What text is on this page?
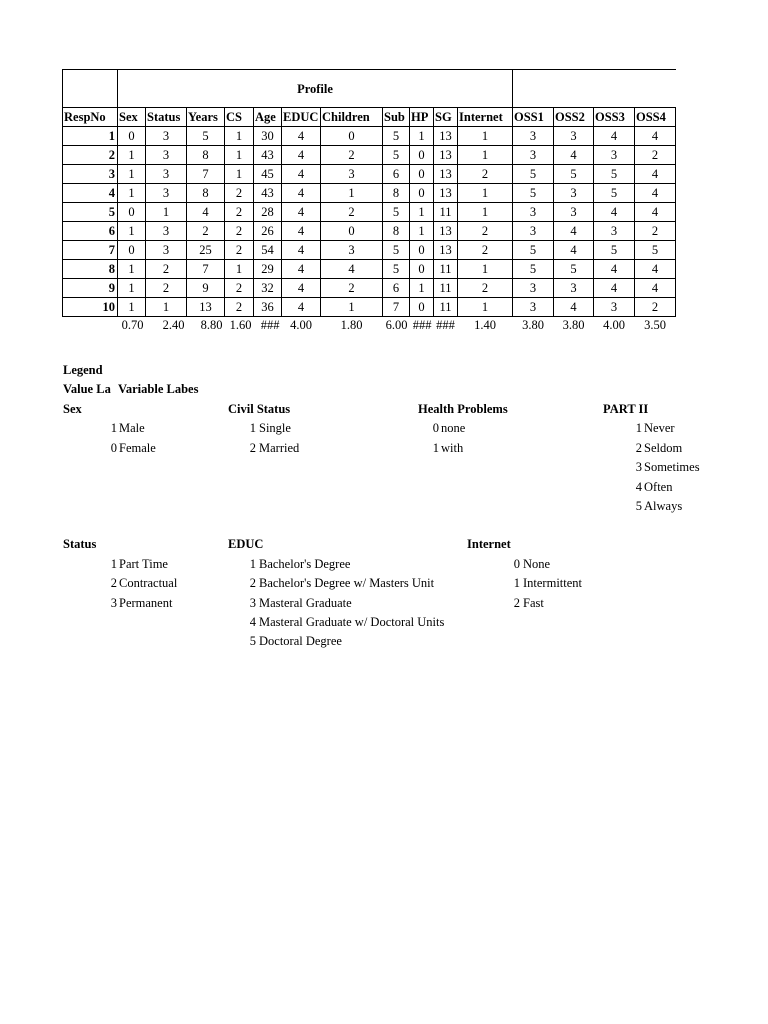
	Profile														
RespNo	Sex	Status	Years	CS	Age	EDUC	Children	Sub	HP	SG	Internet	OSS1	OSS2	OSS3	OSS4
1	0	3	5	1	30	4	0	5	1	13	1	3	3	4	4
2	1	3	8	1	43	4	2	5	0	13	1	3	4	3	2
3	1	3	7	1	45	4	3	6	0	13	2	5	5	5	4
4	1	3	8	2	43	4	1	8	0	13	1	5	3	5	4
5	0	1	4	2	28	4	2	5	1	11	1	3	3	4	4
6	1	3	2	2	26	4	0	8	1	13	2	3	4	3	2
7	0	3	25	2	54	4	3	5	0	13	2	5	4	5	5
8	1	2	7	1	29	4	4	5	0	11	1	5	5	4	4
9	1	2	9	2	32	4	2	6	1	11	2	3	3	4	4
10	1	1	13	2	36	4	1	7	0	11	1	3	4	3	2
	0.70	2.40	8.80	1.60	###	4.00	1.80	6.00	###	###	1.40	3.80	3.80	4.00	3.50
Legend
Value La Variable Labes
Sex
1 Male
0 Female
Civil Status
1 Single
2 Married
Health Problems
0 none
1 with
PART II
1 Never
2 Seldom
3 Sometimes
4 Often
5 Always
Status
1 Part Time
2 Contractual
3 Permanent
EDUC
1 Bachelor's Degree
2 Bachelor's Degree w/ Masters Unit
3 Masteral Graduate
4 Masteral Graduate w/ Doctoral Units
5 Doctoral Degree
Internet
0 None
1 Intermittent
2 Fast
